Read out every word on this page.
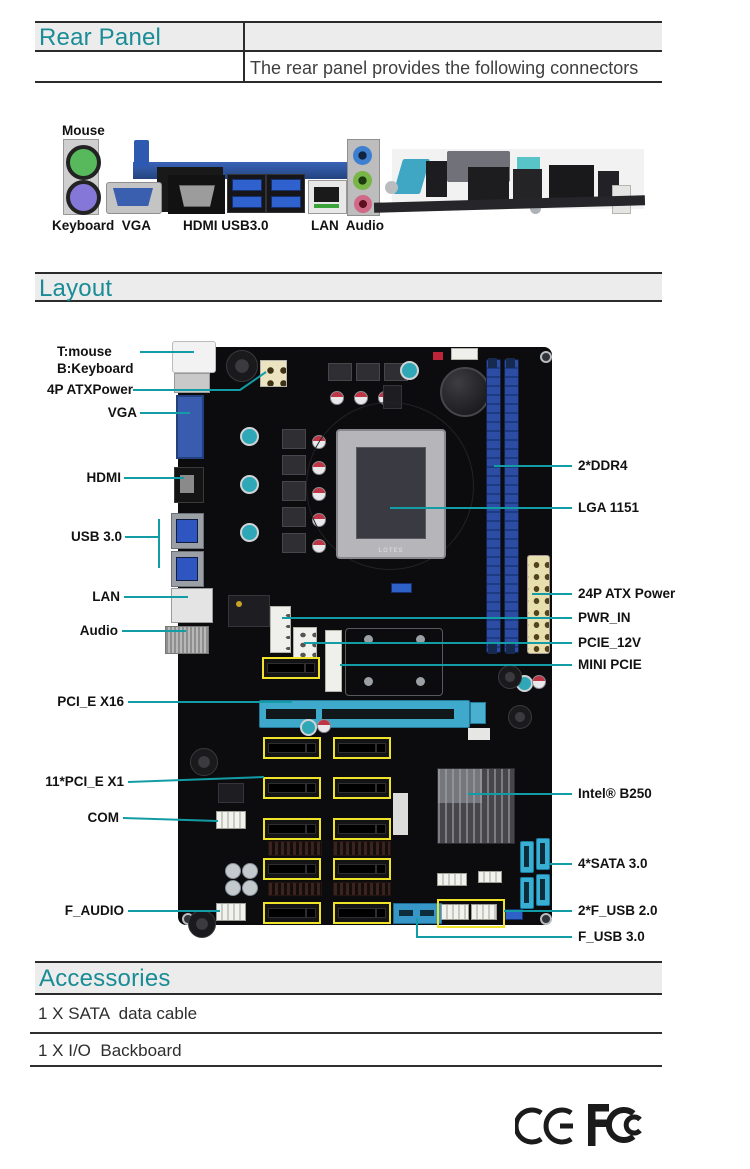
Rear Panel
The rear panel provides the following connectors
Mouse
Keyboard  VGA HDMI USB3.0	LAN  Audio
Layout
LOTES
T:mouse
B:Keyboard
4P ATXPower
VGA
HDMI
USB 3.0
LAN
Audio
PCI_E X16
11*PCI_E X1
COM
F_AUDIO
2*DDR4
LGA 1151
24P ATX Power
PWR_IN
PCIE_12V
MINI PCIE
Intel® B250
4*SATA 3.0
2*F_USB 2.0
F_USB 3.0
Accessories
1 X SATA  data cable
1 X I/O  Backboard
